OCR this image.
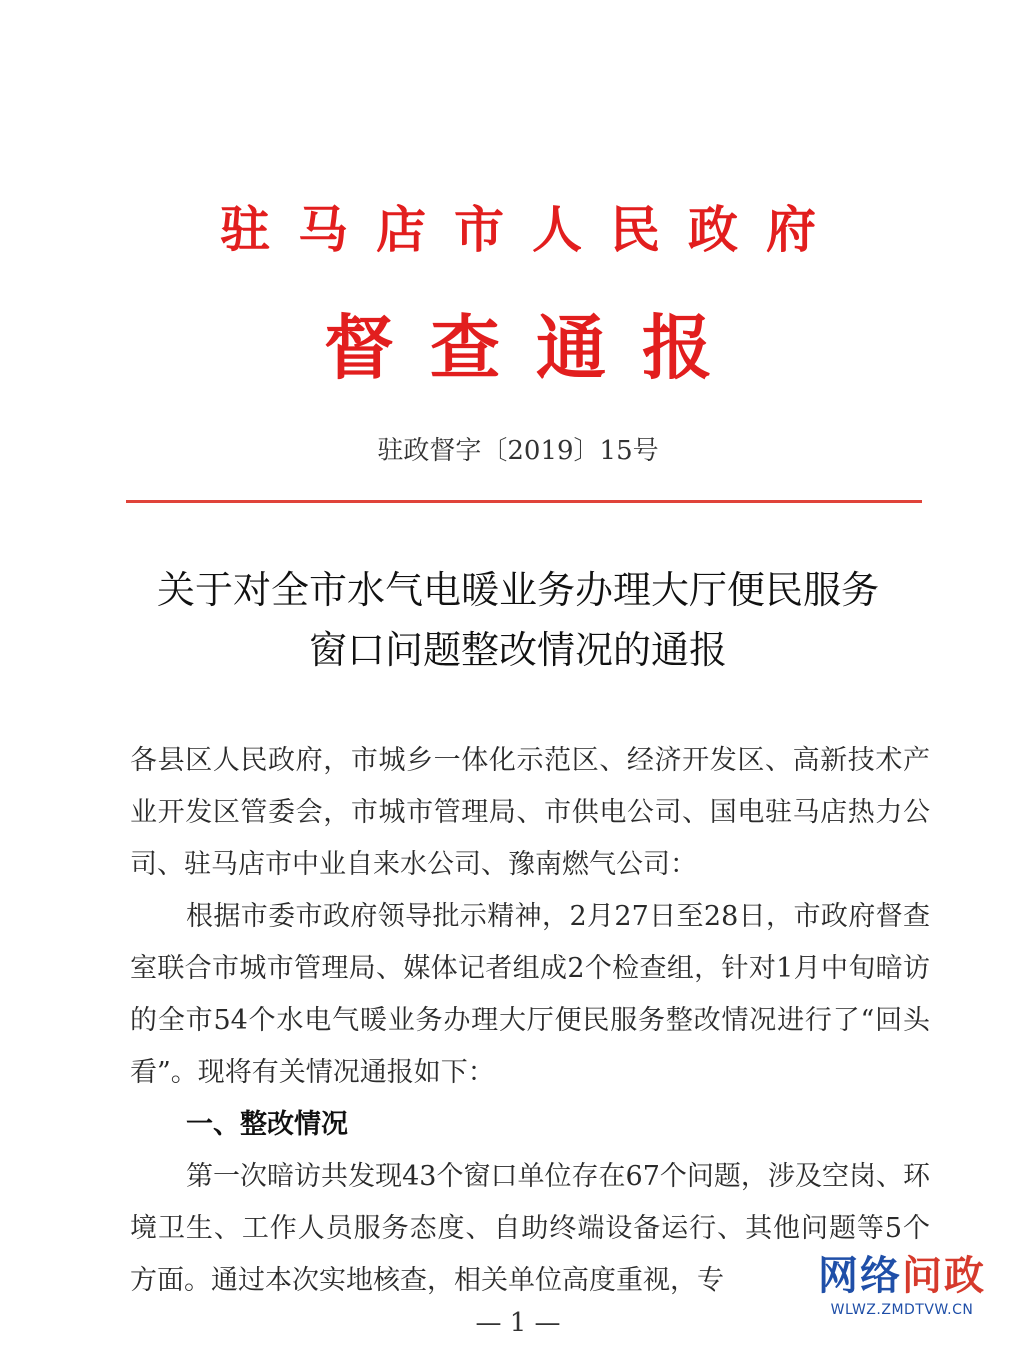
驻马店市人民政府
督查通报
驻政督字〔2019〕15号
关于对全市水气电暖业务办理大厅便民服务
窗口问题整改情况的通报

各县区人民政府，市城乡一体化示范区、经济开发区、高新技术产业开发区管委会，市城市管理局、市供电公司、国电驻马店热力公司、驻马店市中业自来水公司、豫南燃气公司：

根据市委市政府领导批示精神，2月27日至28日，市政府督查室联合市城市管理局、媒体记者组成2个检查组，针对1月中旬暗访的全市54个水电气暖业务办理大厅便民服务整改情况进行了“回头看”。现将有关情况通报如下：

一、整改情况

第一次暗访共发现43个窗口单位存在67个问题，涉及空岗、环境卫生、工作人员服务态度、自助终端设备运行、其他问题等5个方面。通过本次实地核查，相关单位高度重视，专

— 1 —
网络问政
WLWZ.ZMDTVW.CN
